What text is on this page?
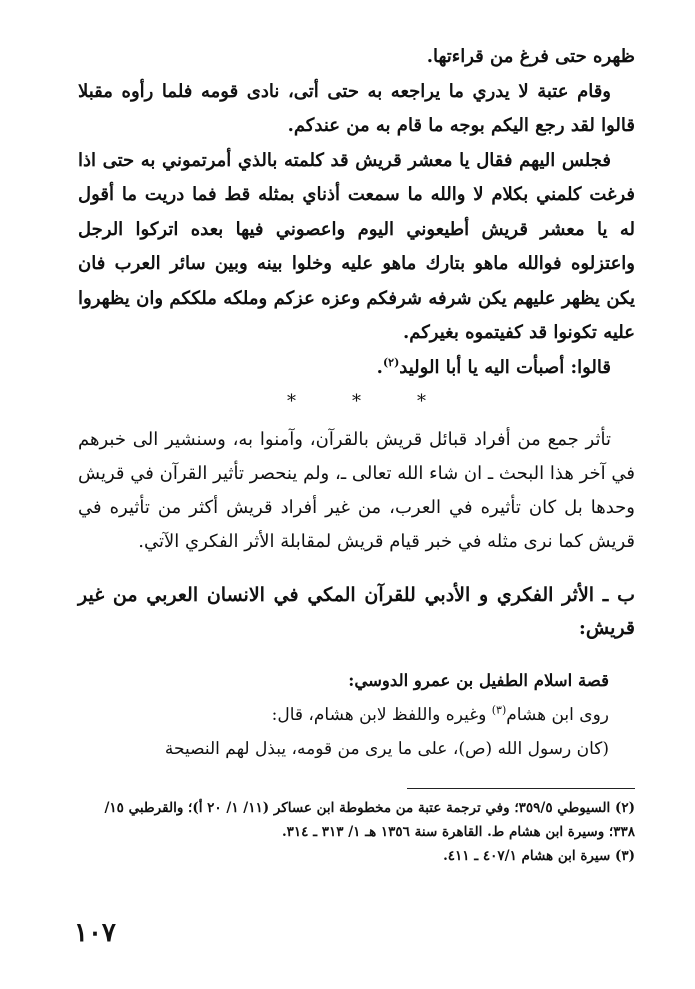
ظهره حتى فرغ من قراءتها.

وقام عتبة لا يدري ما يراجعه به حتى أتى، نادى قومه فلما رأوه مقبلا قالوا لقد رجع اليكم بوجه ما قام به من عندكم.

فجلس اليهم فقال يا معشر قريش قد كلمته بالذي أمرتموني به حتى اذا فرغت كلمني بكلام لا والله ما سمعت أذناي بمثله قط فما دريت ما أقول له يا معشر قريش أطيعوني اليوم واعصوني فيها بعده اتركوا الرجل واعتزلوه فوالله ماهو بتارك ماهو عليه وخلوا بينه وبين سائر العرب فان يكن يظهر عليهم يكن شرفه شرفكم وعزه عزكم وملكه ملككم وان يظهروا عليه تكونوا قد كفيتموه بغيركم.

قالوا: أصبأت اليه يا أبا الوليد$^{(٢)}$.

*
*
*

تأثر جمع من أفراد قبائل قريش بالقرآن، وآمنوا به، وسنشير الى خبرهم في آخر هذا البحث ـ ان شاء الله تعالى ـ، ولم ينحصر تأثير القرآن في قريش وحدها بل كان تأثيره في العرب، من غير أفراد قريش أكثر من تأثيره في قريش كما نرى مثله في خبر قيام قريش لمقابلة الأثر الفكري الآتي.

ب ـ الأثر الفكري و الأدبي للقرآن المكي في الانسان العربي من غير قريش:

قصة اسلام الطفيل بن عمرو الدوسي:

روى ابن هشام$^{(٣)}$ وغيره واللفظ لابن هشام، قال:

(كان رسول الله (ص)، على ما يرى من قومه، يبذل لهم النصيحة

(٢) السيوطي ٣٥٩/٥؛ وفي ترجمة عتبة من مخطوطة ابن عساكر (١١/ ١/ ٢٠ أ)؛ والقرطبي ١٥/ ٣٣٨؛ وسيرة ابن هشام ط. القاهرة سنة ١٣٥٦ هـ ١/ ٣١٣ ـ ٣١٤.

(٣) سيرة ابن هشام ٤٠٧/١ ـ ٤١١.

١٠٧
